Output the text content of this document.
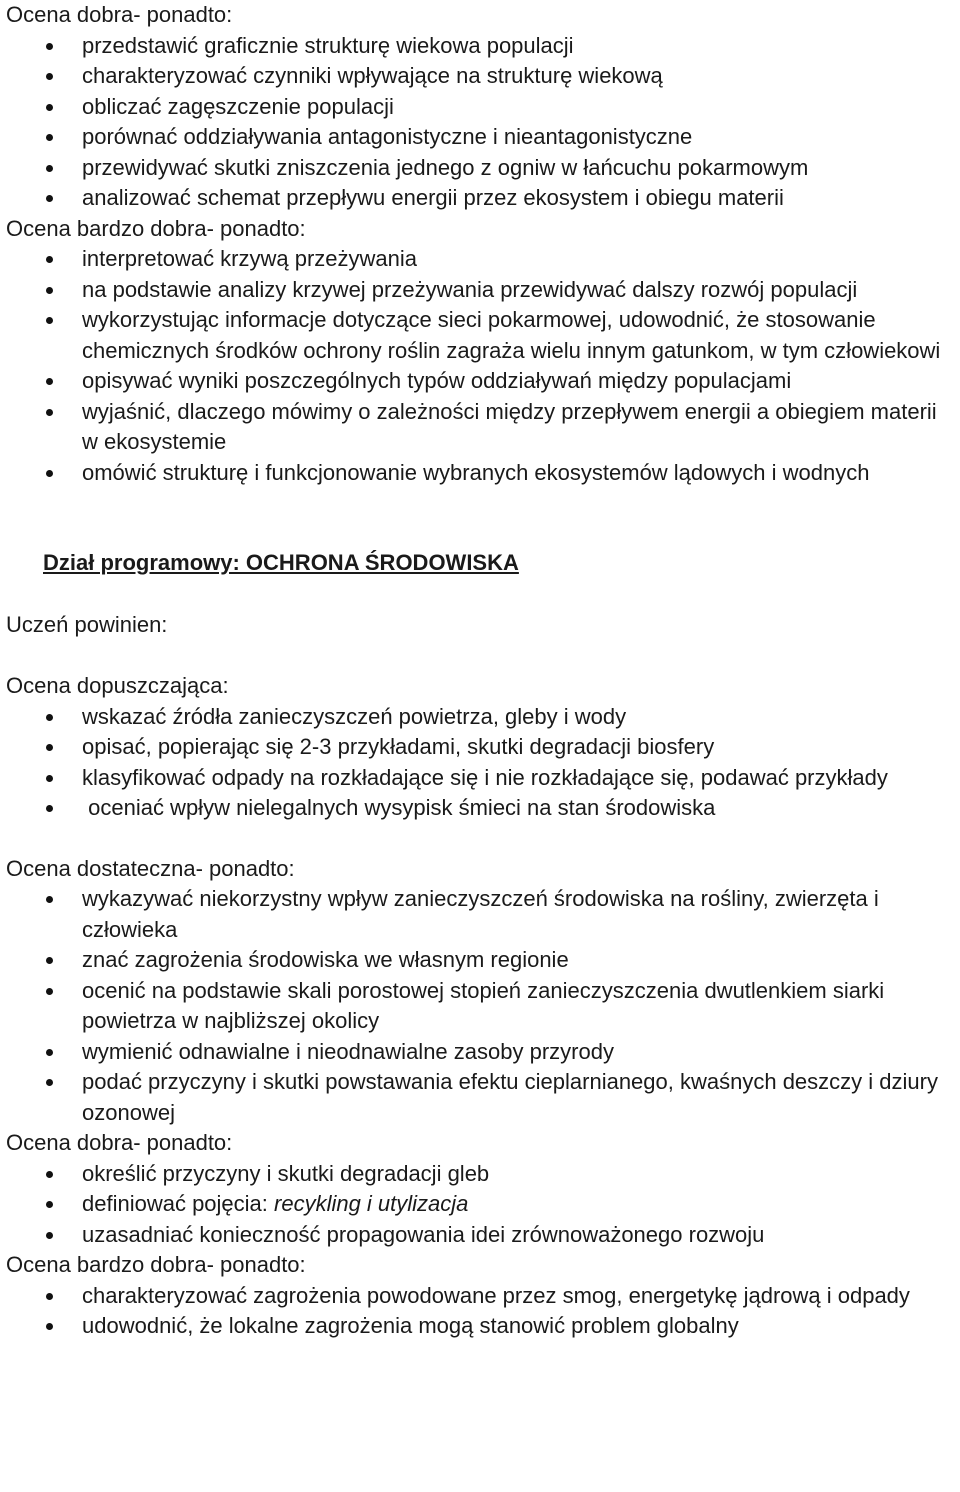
Ocena dobra- ponadto:

przedstawić graficznie strukturę wiekowa populacji
charakteryzować czynniki wpływające na strukturę wiekową
obliczać zagęszczenie populacji
porównać oddziaływania antagonistyczne i nieantagonistyczne
przewidywać skutki zniszczenia jednego z ogniw w łańcuchu pokarmowym
analizować schemat przepływu energii przez ekosystem i obiegu materii

Ocena bardzo dobra- ponadto:

interpretować krzywą przeżywania
na podstawie analizy krzywej przeżywania przewidywać dalszy rozwój populacji
wykorzystując informacje dotyczące sieci pokarmowej, udowodnić, że stosowanie chemicznych środków ochrony roślin zagraża wielu innym gatunkom, w tym człowiekowi
opisywać wyniki poszczególnych typów oddziaływań między populacjami
wyjaśnić, dlaczego mówimy o zależności między przepływem energii a obiegiem materii w ekosystemie
omówić strukturę i funkcjonowanie wybranych ekosystemów lądowych i wodnych

Dział programowy: OCHRONA ŚRODOWISKA

Uczeń powinien:

Ocena dopuszczająca:

wskazać źródła zanieczyszczeń powietrza, gleby i wody
opisać, popierając się 2-3 przykładami, skutki degradacji biosfery
klasyfikować odpady na rozkładające się i nie rozkładające się, podawać przykłady
oceniać wpływ nielegalnych wysypisk śmieci na stan środowiska

Ocena dostateczna- ponadto:

wykazywać niekorzystny wpływ zanieczyszczeń środowiska na rośliny, zwierzęta i człowieka
znać zagrożenia środowiska we własnym regionie
ocenić na podstawie skali porostowej stopień zanieczyszczenia dwutlenkiem siarki powietrza w najbliższej okolicy
wymienić odnawialne i nieodnawialne zasoby przyrody
podać przyczyny i skutki powstawania efektu cieplarnianego, kwaśnych deszczy i dziury ozonowej

Ocena dobra- ponadto:

określić przyczyny i skutki degradacji gleb
definiować pojęcia: recykling i utylizacja
uzasadniać konieczność propagowania idei zrównoważonego rozwoju

Ocena bardzo dobra- ponadto:

charakteryzować zagrożenia powodowane przez smog, energetykę jądrową i odpady
udowodnić, że lokalne zagrożenia mogą stanowić problem globalny
